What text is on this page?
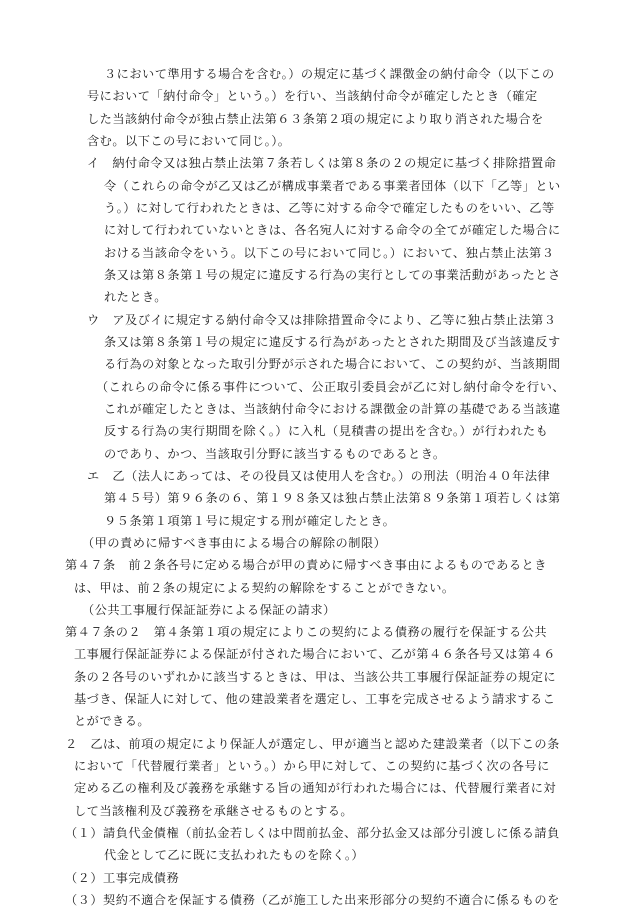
３において準用する場合を含む。）の規定に基づく課徴金の納付命令（以下この
号において「納付命令」という。）を行い、当該納付命令が確定したとき（確定
した当該納付命令が独占禁止法第６３条第２項の規定により取り消された場合を
含む。以下この号において同じ。）。
イ　納付命令又は独占禁止法第７条若しくは第８条の２の規定に基づく排除措置命
令（これらの命令が乙又は乙が構成事業者である事業者団体（以下「乙等」とい
う。）に対して行われたときは、乙等に対する命令で確定したものをいい、乙等
に対して行われていないときは、各名宛人に対する命令の全てが確定した場合に
おける当該命令をいう。以下この号において同じ。）において、独占禁止法第３
条又は第８条第１号の規定に違反する行為の実行としての事業活動があったとさ
れたとき。
ウ　ア及びイに規定する納付命令又は排除措置命令により、乙等に独占禁止法第３
条又は第８条第１号の規定に違反する行為があったとされた期間及び当該違反す
る行為の対象となった取引分野が示された場合において、この契約が、当該期間
（これらの命令に係る事件について、公正取引委員会が乙に対し納付命令を行い、
これが確定したときは、当該納付命令における課徴金の計算の基礎である当該違
反する行為の実行期間を除く。）に入札（見積書の提出を含む。）が行われたも
のであり、かつ、当該取引分野に該当するものであるとき。
エ　乙（法人にあっては、その役員又は使用人を含む。）の刑法（明治４０年法律
第４５号）第９６条の６、第１９８条又は独占禁止法第８９条第１項若しくは第
９５条第１項第１号に規定する刑が確定したとき。
（甲の責めに帰すべき事由による場合の解除の制限）
第４７条　前２条各号に定める場合が甲の責めに帰すべき事由によるものであるとき
は、甲は、前２条の規定による契約の解除をすることができない。
（公共工事履行保証証券による保証の請求）
第４７条の２　第４条第１項の規定によりこの契約による債務の履行を保証する公共
工事履行保証証券による保証が付された場合において、乙が第４６条各号又は第４６
条の２各号のいずれかに該当するときは、甲は、当該公共工事履行保証証券の規定に
基づき、保証人に対して、他の建設業者を選定し、工事を完成させるよう請求するこ
とができる。
２　乙は、前項の規定により保証人が選定し、甲が適当と認めた建設業者（以下この条
において「代替履行業者」という。）から甲に対して、この契約に基づく次の各号に
定める乙の権利及び義務を承継する旨の通知が行われた場合には、代替履行業者に対
して当該権利及び義務を承継させるものとする。
（１）請負代金債権（前払金若しくは中間前払金、部分払金又は部分引渡しに係る請負
代金として乙に既に支払われたものを除く。）
（２）工事完成債務
（３）契約不適合を保証する債務（乙が施工した出来形部分の契約不適合に係るものを
